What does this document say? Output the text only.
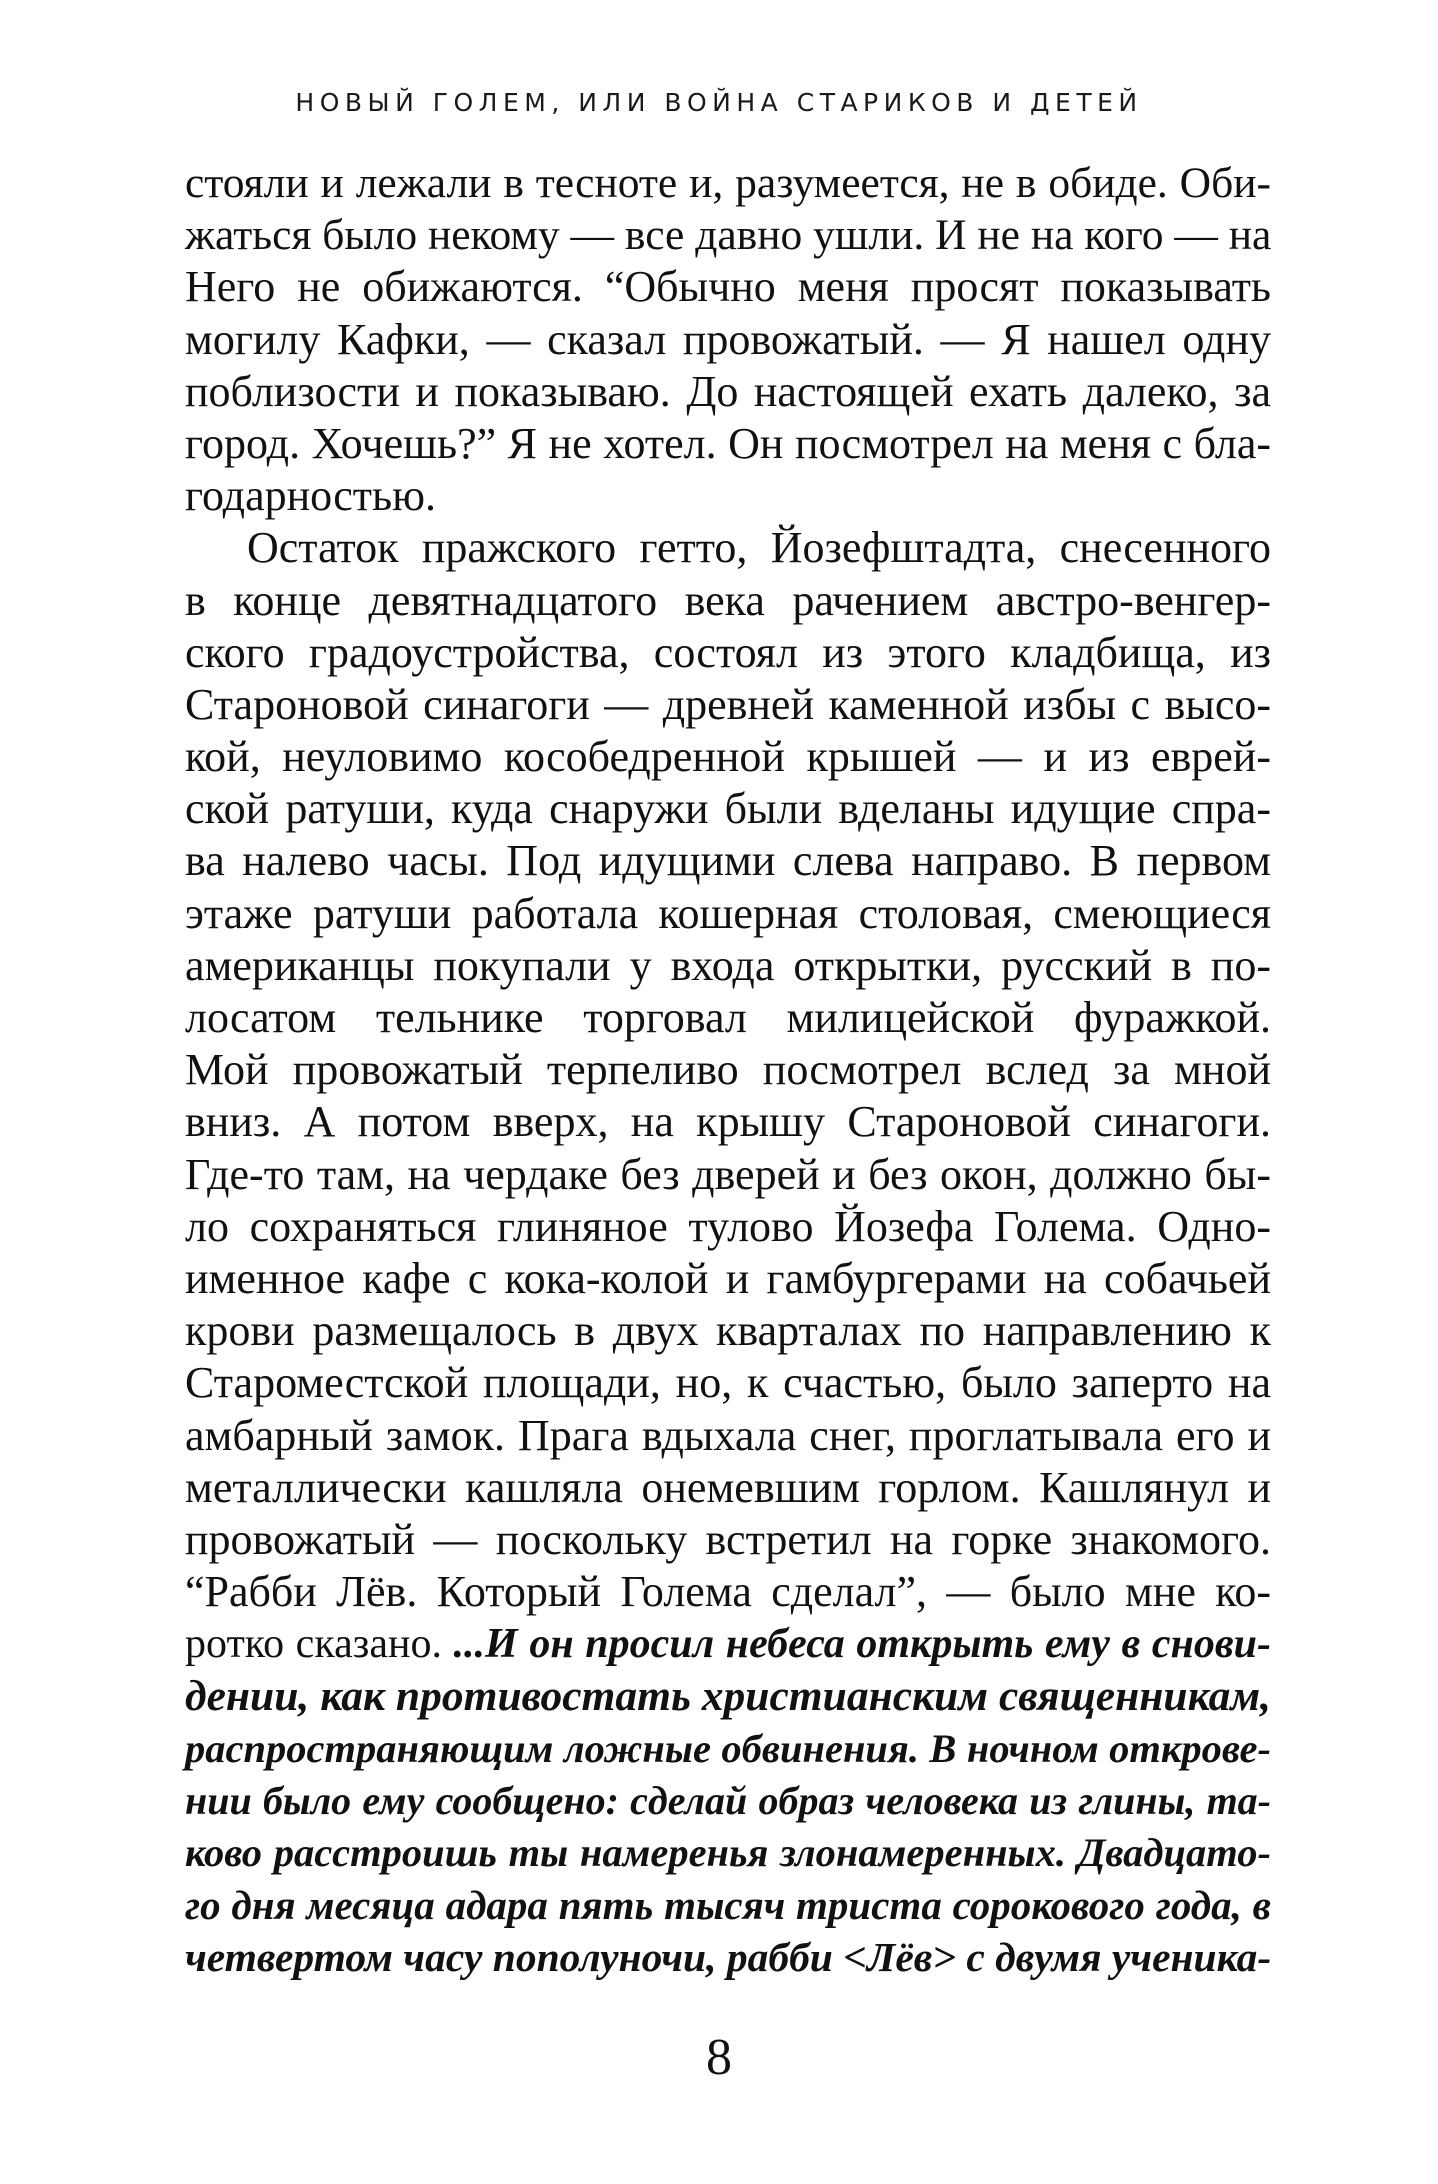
НОВЫЙ ГОЛЕМ, ИЛИ ВОЙНА СТАРИКОВ И ДЕТЕЙ
стояли и лежали в тесноте и, разумеется, не в обиде. Оби-
жаться было некому — все давно ушли. И не на кого — на
Него не обижаются. “Обычно меня просят показывать
могилу Кафки, — сказал провожатый. — Я нашел одну
поблизости и показываю. До настоящей ехать далеко, за
город. Хочешь?” Я не хотел. Он посмотрел на меня с бла-
годарностью.
Остаток пражского гетто, Йозефштадта, снесенного
в конце девятнадцатого века рачением австро-венгер-
ского градоустройства, состоял из этого кладбища, из
Староновой синагоги — древней каменной избы с высо-
кой, неуловимо кособедренной крышей — и из еврей-
ской ратуши, куда снаружи были вделаны идущие спра-
ва налево часы. Под идущими слева направо. В первом
этаже ратуши работала кошерная столовая, смеющиеся
американцы покупали у входа открытки, русский в по-
лосатом тельнике торговал милицейской фуражкой.
Мой провожатый терпеливо посмотрел вслед за мной
вниз. А потом вверх, на крышу Староновой синагоги.
Где-то там, на чердаке без дверей и без окон, должно бы-
ло сохраняться глиняное тулово Йозефа Голема. Одно-
именное кафе с кока-колой и гамбургерами на собачьей
крови размещалось в двух кварталах по направлению к
Староместской площади, но, к счастью, было заперто на
амбарный замок. Прага вдыхала снег, проглатывала его и
металлически кашляла онемевшим горлом. Кашлянул и
провожатый — поскольку встретил на горке знакомого.
“Рабби Лёв. Который Голема сделал”, — было мне ко-
ротко сказано. ...И он просил небеса открыть ему в снови-
дении, как противостать христианским священникам,
распространяющим ложные обвинения. В ночном открове-
нии было ему сообщено: сделай образ человека из глины, та-
ково расстроишь ты намеренья злонамеренных. Двадцато-
го дня месяца адара пять тысяч триста сорокового года, в
четвертом часу пополуночи, рабби <Лёв> с двумя ученика-
8
